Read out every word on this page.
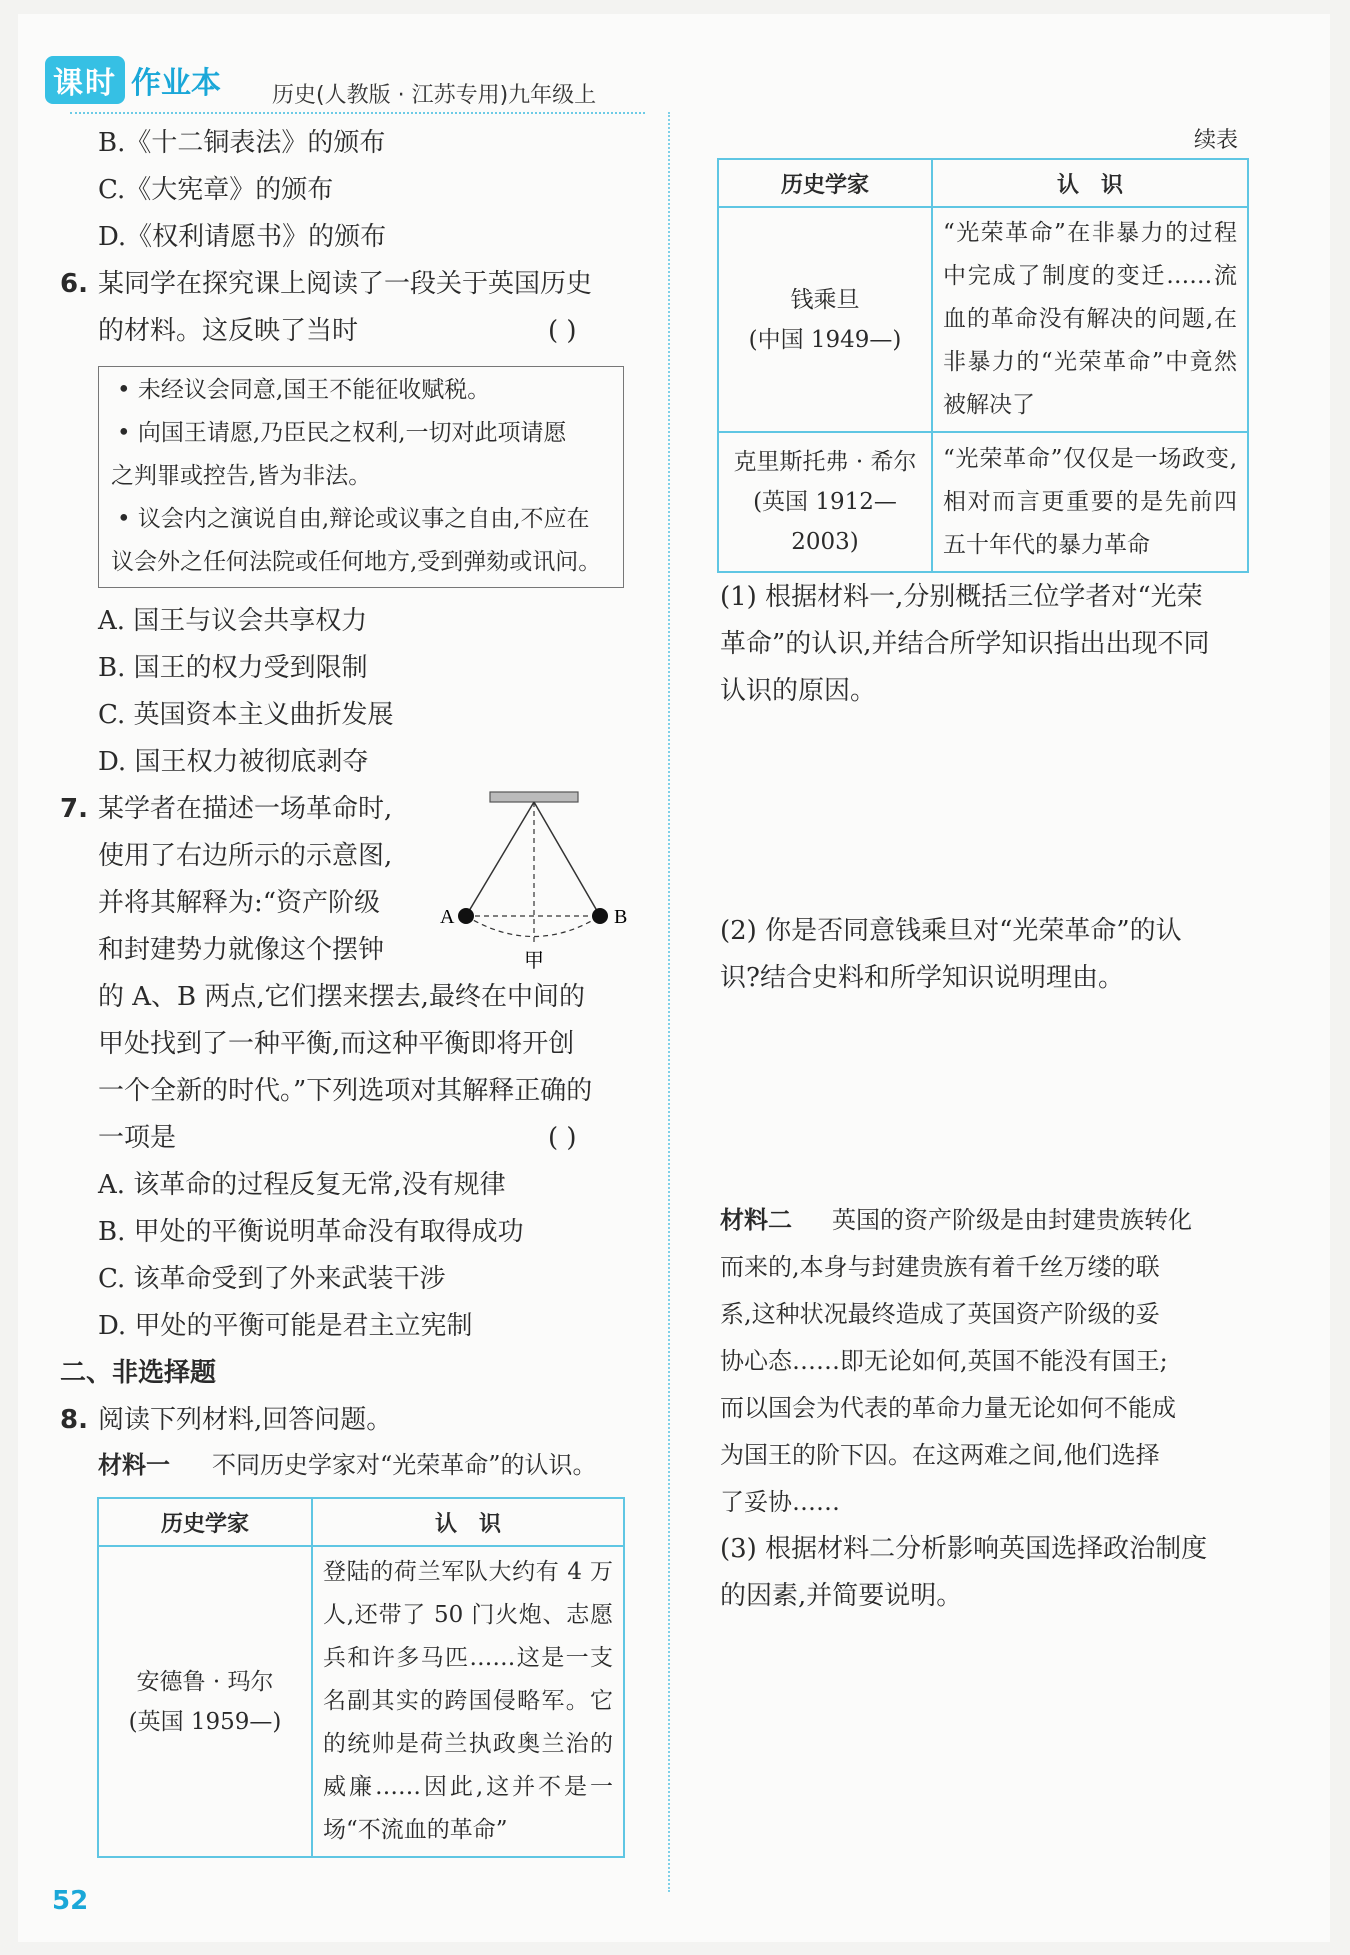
课时 作业本 历史(人教版 · 江苏专用)九年级上
B.《十二铜表法》的颁布
C.《大宪章》的颁布
D.《权利请愿书》的颁布
6. 某同学在探究课上阅读了一段关于英国历史
的材料。这反映了当时	( )
• 未经议会同意,国王不能征收赋税。
• 向国王请愿,乃臣民之权利,一切对此项请愿
之判罪或控告,皆为非法。
• 议会内之演说自由,辩论或议事之自由,不应在
议会外之任何法院或任何地方,受到弹劾或讯问。
A. 国王与议会共享权力
B. 国王的权力受到限制
C. 英国资本主义曲折发展
D. 国王权力被彻底剥夺
7. 某学者在描述一场革命时,
使用了右边所示的示意图,
并将其解释为:“资产阶级
和封建势力就像这个摆钟
的 A、B 两点,它们摆来摆去,最终在中间的
甲处找到了一种平衡,而这种平衡即将开创
一个全新的时代。”下列选项对其解释正确的
一项是	( )
A	B
甲
A. 该革命的过程反复无常,没有规律
B. 甲处的平衡说明革命没有取得成功
C. 该革命受到了外来武装干涉
D. 甲处的平衡可能是君主立宪制
二、非选择题
8. 阅读下列材料,回答问题。
材料一 不同历史学家对“光荣革命”的认识。
历史学家	认　识

安德鲁 · 玛尔
(英国 1959—)	登陆的荷兰军队大约有 4 万人,还带了 50 门火炮、志愿兵和许多马匹……这是一支名副其实的跨国侵略军。它的统帅是荷兰执政奥兰治的威廉……因此,这并不是一场“不流血的革命”
52
续表
历史学家	认　识

钱乘旦
(中国 1949—)	“光荣革命”在非暴力的过程中完成了制度的变迁……流血的革命没有解决的问题,在非暴力的“光荣革命”中竟然被解决了

克里斯托弗 · 希尔
(英国 1912—2003)	“光荣革命”仅仅是一场政变,相对而言更重要的是先前四五十年代的暴力革命
(1) 根据材料一,分别概括三位学者对“光荣
革命”的认识,并结合所学知识指出出现不同
认识的原因。
(2) 你是否同意钱乘旦对“光荣革命”的认
识?结合史料和所学知识说明理由。
材料二 英国的资产阶级是由封建贵族转化
而来的,本身与封建贵族有着千丝万缕的联
系,这种状况最终造成了英国资产阶级的妥
协心态……即无论如何,英国不能没有国王;
而以国会为代表的革命力量无论如何不能成
为国王的阶下囚。在这两难之间,他们选择
了妥协……
(3) 根据材料二分析影响英国选择政治制度
的因素,并简要说明。
